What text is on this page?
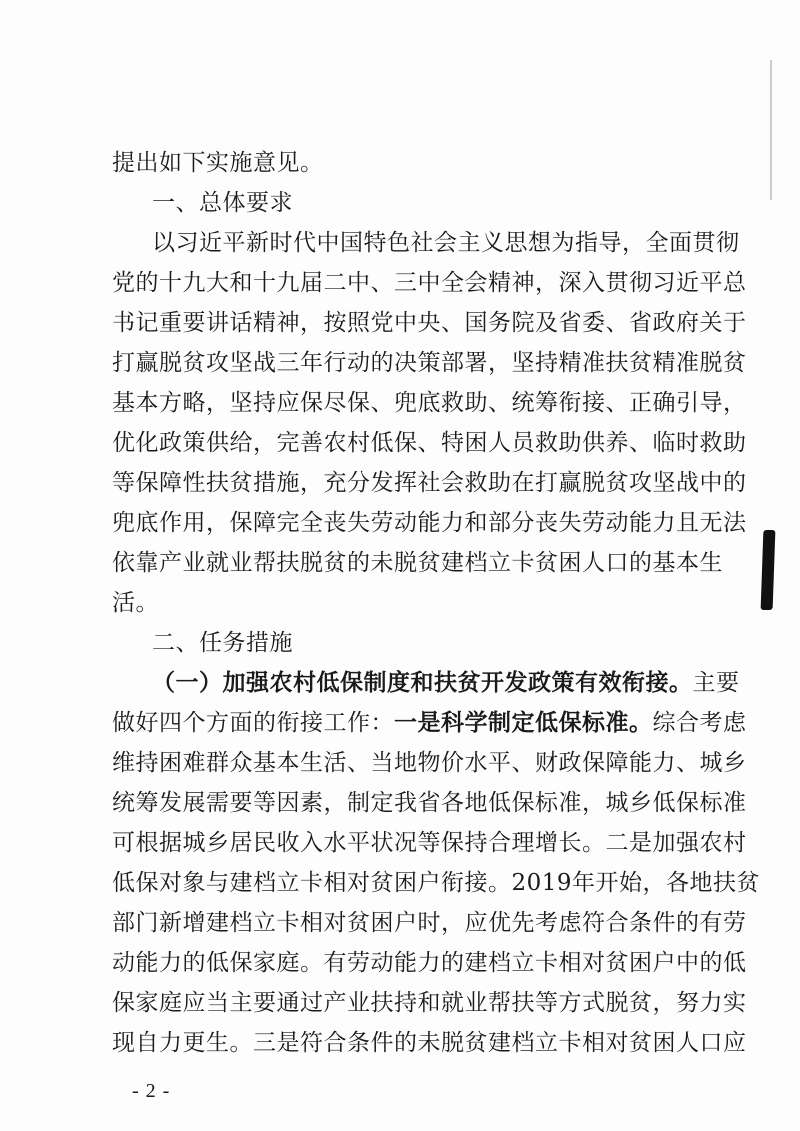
提出如下实施意见。
一、总体要求
以习近平新时代中国特色社会主义思想为指导，全面贯彻
党的十九大和十九届二中、三中全会精神，深入贯彻习近平总
书记重要讲话精神，按照党中央、国务院及省委、省政府关于
打赢脱贫攻坚战三年行动的决策部署，坚持精准扶贫精准脱贫
基本方略，坚持应保尽保、兜底救助、统筹衔接、正确引导，
优化政策供给，完善农村低保、特困人员救助供养、临时救助
等保障性扶贫措施，充分发挥社会救助在打赢脱贫攻坚战中的
兜底作用，保障完全丧失劳动能力和部分丧失劳动能力且无法
依靠产业就业帮扶脱贫的未脱贫建档立卡贫困人口的基本生
活。
二、任务措施
（一）加强农村低保制度和扶贫开发政策有效衔接。主要
做好四个方面的衔接工作：一是科学制定低保标准。综合考虑
维持困难群众基本生活、当地物价水平、财政保障能力、城乡
统筹发展需要等因素，制定我省各地低保标准，城乡低保标准
可根据城乡居民收入水平状况等保持合理增长。二是加强农村
低保对象与建档立卡相对贫困户衔接。2019年开始，各地扶贫
部门新增建档立卡相对贫困户时，应优先考虑符合条件的有劳
动能力的低保家庭。有劳动能力的建档立卡相对贫困户中的低
保家庭应当主要通过产业扶持和就业帮扶等方式脱贫，努力实
现自力更生。三是符合条件的未脱贫建档立卡相对贫困人口应
- 2 -
